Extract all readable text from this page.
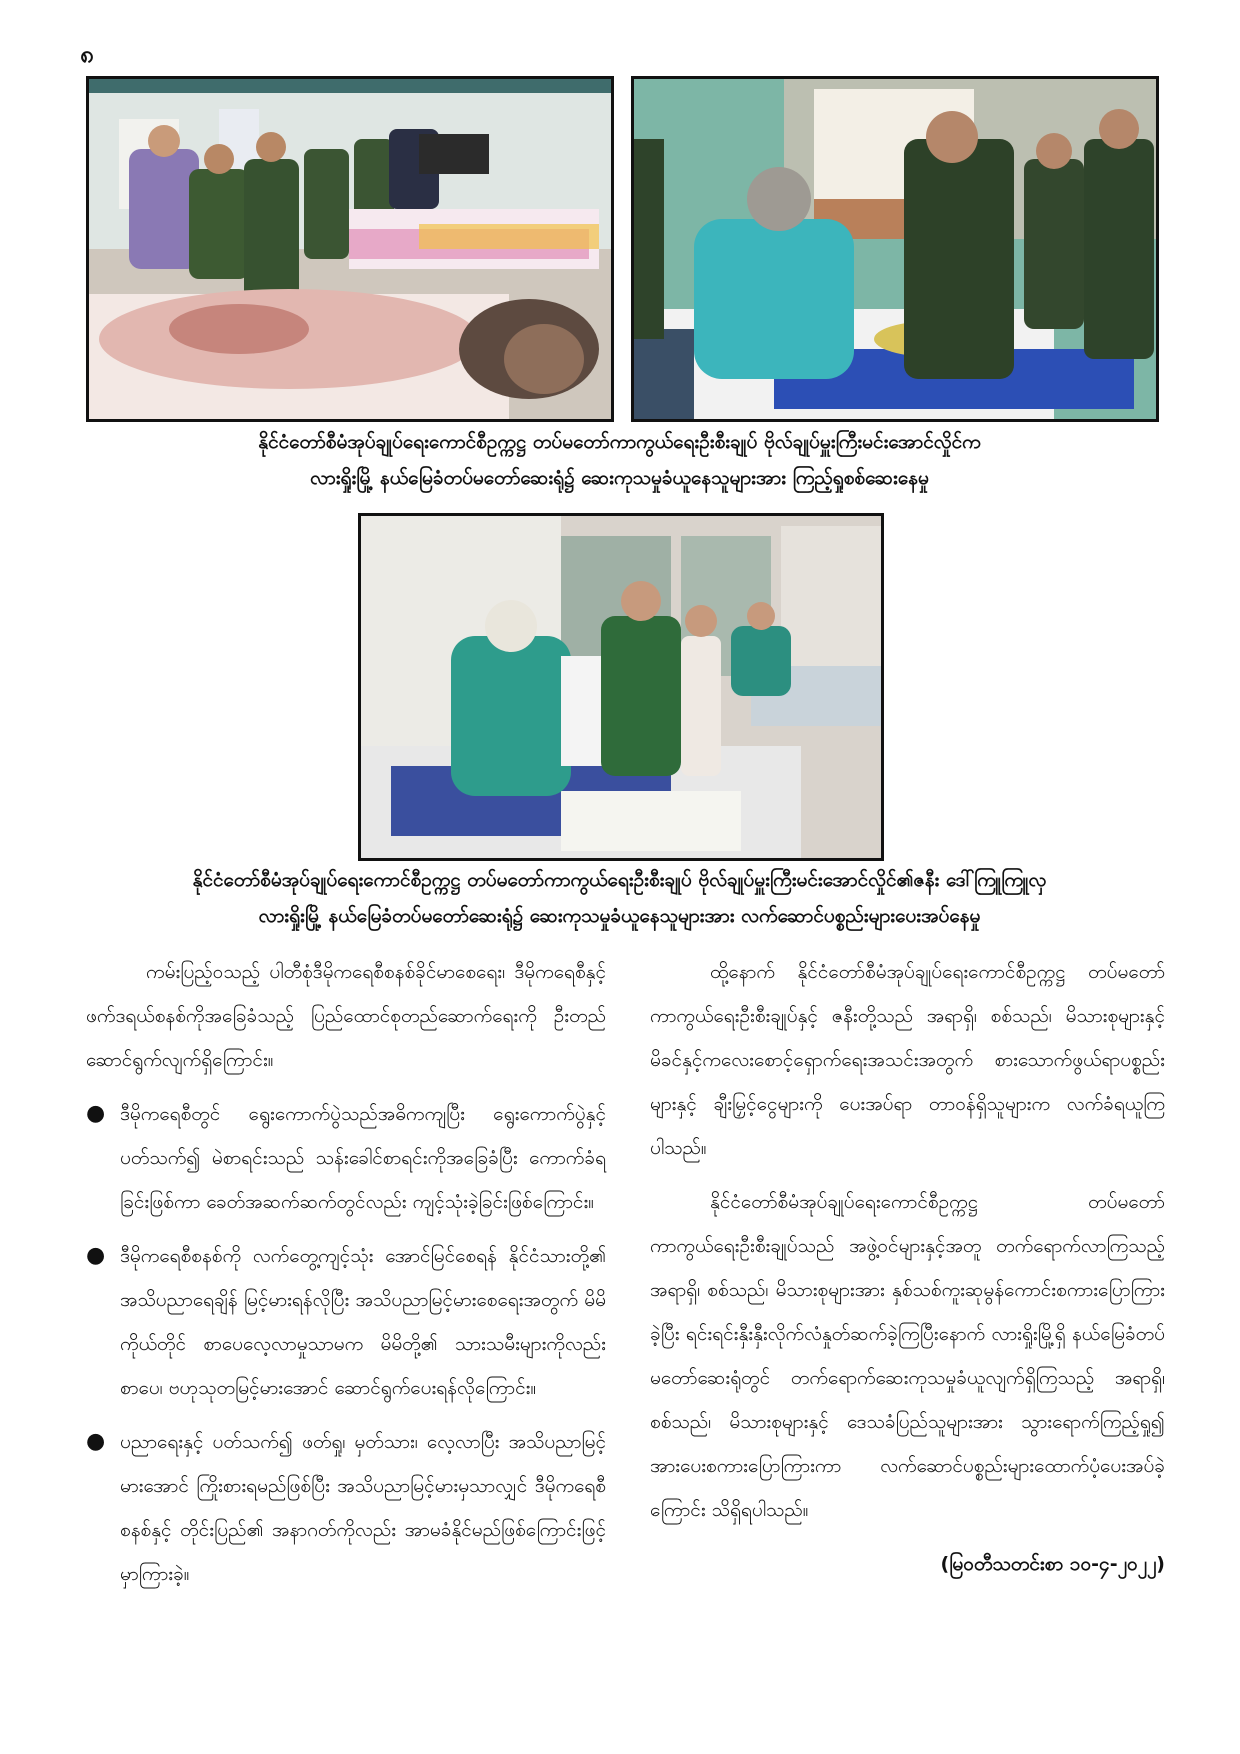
၈
နိုင်ငံတော်စီမံအုပ်ချုပ်ရေးကောင်စီဥက္ကဋ္ဌ တပ်မတော်ကာကွယ်ရေးဦးစီးချုပ် ဗိုလ်ချုပ်မှူးကြီးမင်းအောင်လှိုင်က
လားရှိုးမြို့ နယ်မြေခံတပ်မတော်ဆေးရုံ၌ ဆေးကုသမှုခံယူနေသူများအား ကြည့်ရှုစစ်ဆေးနေမှု
နိုင်ငံတော်စီမံအုပ်ချုပ်ရေးကောင်စီဥက္ကဋ္ဌ တပ်မတော်ကာကွယ်ရေးဦးစီးချုပ် ဗိုလ်ချုပ်မှူးကြီးမင်းအောင်လှိုင်၏ဇနီး ဒေါ်ကြူကြူလှ
လားရှိုးမြို့ နယ်မြေခံတပ်မတော်ဆေးရုံ၌ ဆေးကုသမှုခံယူနေသူများအား လက်ဆောင်ပစ္စည်းများပေးအပ်နေမှု

ကမ်းပြည့်ဝသည့် ပါတီစုံဒီမိုကရေစီစနစ်ခိုင်မာစေရေး၊ ဒီမိုကရေစီနှင့် ဖက်ဒရယ်စနစ်ကိုအခြေခံသည့် ပြည်ထောင်စုတည်ဆောက်ရေးကို ဦးတည်ဆောင်ရွက်လျက်ရှိကြောင်း။

● ဒီမိုကရေစီတွင် ရွေးကောက်ပွဲသည်အဓိကကျပြီး ရွေးကောက်ပွဲနှင့်ပတ်သက်၍ မဲစာရင်းသည် သန်းခေါင်စာရင်းကိုအခြေခံပြီး ကောက်ခံရခြင်းဖြစ်ကာ ခေတ်အဆက်ဆက်တွင်လည်း ကျင့်သုံးခဲ့ခြင်းဖြစ်ကြောင်း။
● ဒီမိုကရေစီစနစ်ကို လက်တွေ့ကျင့်သုံး အောင်မြင်စေရန် နိုင်ငံသားတို့၏ အသိပညာရေချိန် မြင့်မားရန်လိုပြီး အသိပညာမြင့်မားစေရေးအတွက် မိမိကိုယ်တိုင် စာပေလေ့လာမှုသာမက မိမိတို့၏ သားသမီးများကိုလည်း စာပေ၊ ဗဟုသုတမြင့်မားအောင် ဆောင်ရွက်ပေးရန်လိုကြောင်း။
● ပညာရေးနှင့် ပတ်သက်၍ ဖတ်ရှု၊ မှတ်သား၊ လေ့လာပြီး အသိပညာမြင့်မားအောင် ကြိုးစားရမည်ဖြစ်ပြီး အသိပညာမြင့်မားမှသာလျှင် ဒီမိုကရေစီစနစ်နှင့် တိုင်းပြည်၏ အနာဂတ်ကိုလည်း အာမခံနိုင်မည်ဖြစ်ကြောင်းဖြင့် မှာကြားခဲ့။

ထို့နောက် နိုင်ငံတော်စီမံအုပ်ချုပ်ရေးကောင်စီဥက္ကဋ္ဌ တပ်မတော်ကာကွယ်ရေးဦးစီးချုပ်နှင့် ဇနီးတို့သည် အရာရှိ၊ စစ်သည်၊ မိသားစုများနှင့် မိခင်နှင့်ကလေးစောင့်ရှောက်ရေးအသင်းအတွက် စားသောက်ဖွယ်ရာပစ္စည်းများနှင့် ချီးမြှင့်ငွေများကို ပေးအပ်ရာ တာဝန်ရှိသူများက လက်ခံရယူကြပါသည်။

နိုင်ငံတော်စီမံအုပ်ချုပ်ရေးကောင်စီဥက္ကဋ္ဌ တပ်မတော်ကာကွယ်ရေးဦးစီးချုပ်သည် အဖွဲ့ဝင်များနှင့်အတူ တက်ရောက်လာကြသည့် အရာရှိ၊ စစ်သည်၊ မိသားစုများအား နှစ်သစ်ကူးဆုမွန်ကောင်းစကားပြောကြားခဲ့ပြီး ရင်းရင်းနှီးနှီးလိုက်လံနှုတ်ဆက်ခဲ့ကြပြီးနောက် လားရှိုးမြို့ရှိ နယ်မြေခံတပ်မတော်ဆေးရုံတွင် တက်ရောက်ဆေးကုသမှုခံယူလျက်ရှိကြသည့် အရာရှိ၊ စစ်သည်၊ မိသားစုများနှင့် ဒေသခံပြည်သူများအား သွားရောက်ကြည့်ရှု၍ အားပေးစကားပြောကြားကာ လက်ဆောင်ပစ္စည်းများထောက်ပံ့ပေးအပ်ခဲ့ကြောင်း သိရှိရပါသည်။

(မြဝတီသတင်းစာ ၁၀-၄-၂၀၂၂)
